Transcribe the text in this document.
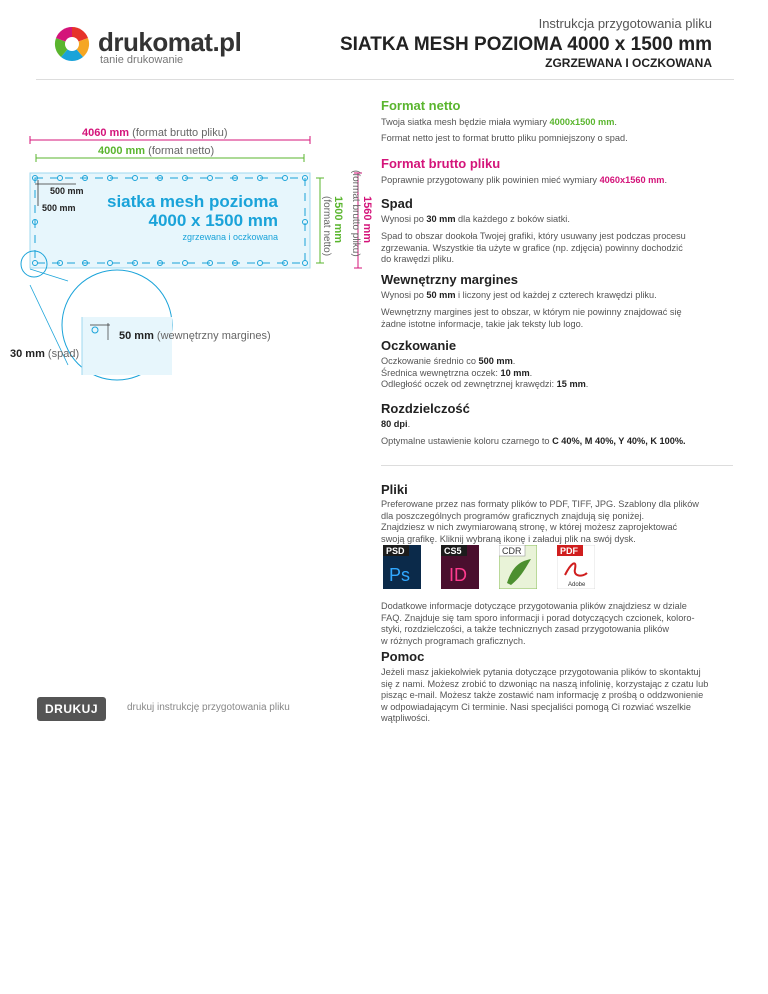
drukomat.pl
tanie drukowanie
Instrukcja przygotowania pliku
SIATKA MESH POZIOMA 4000 x 1500 mm
ZGRZEWANA I OCZKOWANA
4060 mm (format brutto pliku)
4000 mm (format netto)
500 mm
500 mm siatka mesh pozioma
4000 x 1500 mm
zgrzewana i oczkowana	1500 mm
(format netto)	1560 mm
(format brutto pliku)
50 mm (wewnętrzny margines)
30 mm (spad)
Format netto
Twoja siatka mesh będzie miała wymiary 4000x1500 mm.
Format netto jest to format brutto pliku pomniejszony o spad.
Format brutto pliku
Poprawnie przygotowany plik powinien mieć wymiary 4060x1560 mm.
Spad
Wynosi po 30 mm dla każdego z boków siatki.
Spad to obszar dookoła Twojej grafiki, który usuwany jest podczas procesu
zgrzewania. Wszystkie tła użyte w grafice (np. zdjęcia) powinny dochodzić
do krawędzi pliku.
Wewnętrzny margines
Wynosi po 50 mm i liczony jest od każdej z czterech krawędzi pliku.
Wewnętrzny margines jest to obszar, w którym nie powinny znajdować się
żadne istotne informacje, takie jak teksty lub logo.
Oczkowanie
Oczkowanie średnio co 500 mm.
Średnica wewnętrzna oczek: 10 mm.
Odległość oczek od zewnętrznej krawędzi: 15 mm.
Rozdzielczość
80 dpi.
Optymalne ustawienie koloru czarnego to C 40%, M 40%, Y 40%, K 100%.
Pliki
Preferowane przez nas formaty plików to PDF, TIFF, JPG. Szablony dla plików
dla poszczególnych programów graficznych znajdują się poniżej.
Znajdziesz w nich zwymiarowaną stronę, w której możesz zaprojektować
swoją grafikę. Kliknij wybraną ikonę i załaduj plik na swój dysk.
PSD
Ps
CS5
ID
CDR	PDF
Adobe
Dodatkowe informacje dotyczące przygotowania plików znajdziesz w dziale
FAQ. Znajduje się tam sporo informacji i porad dotyczących czcionek, koloro-
styki, rozdzielczości, a także technicznych zasad przygotowania plików
w różnych programach graficznych.
Pomoc
Jeżeli masz jakiekolwiek pytania dotyczące przygotowania plików to skontaktuj
się z nami. Możesz zrobić to dzwoniąc na naszą infolinię, korzystając z czatu lub
pisząc e-mail. Możesz także zostawić nam informację z prośbą o oddzwonienie
w odpowiadającym Ci terminie. Nasi specjaliści pomogą Ci rozwiać wszelkie
wątpliwości.
DRUKUJ	drukuj instrukcję przygotowania pliku
